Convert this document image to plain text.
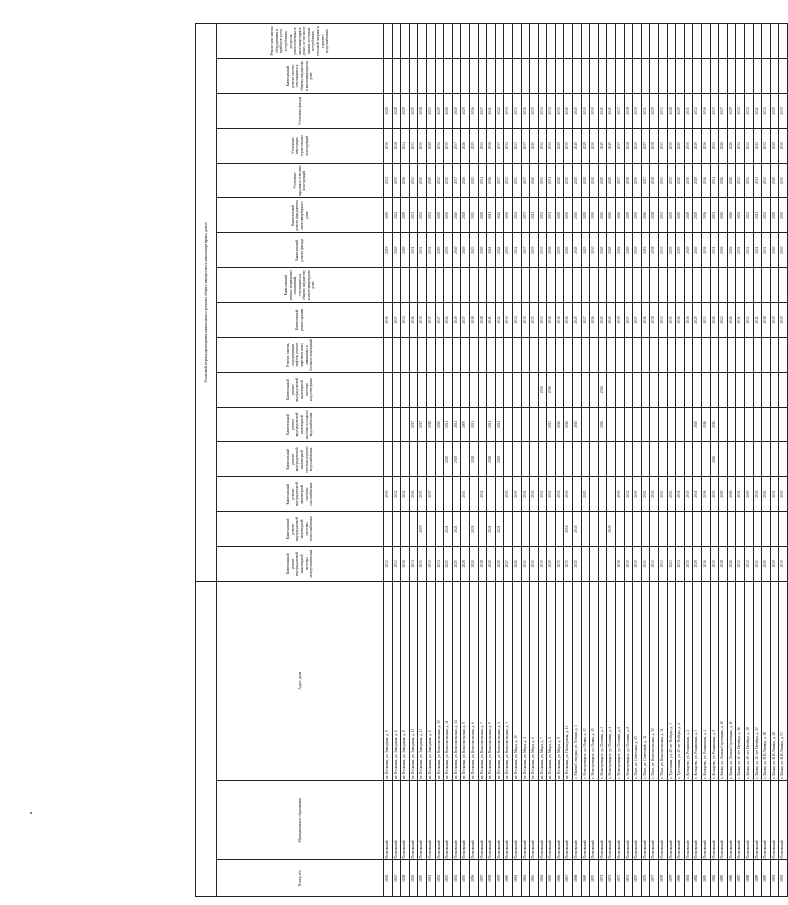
			Плановый период проведения капитального ремонта общего имущества в многоквартирных домах															
Номер п/п	Муниципальное образование	Адрес дома	Капитальный ремонт внутридомовой инженерной системы электроснабжения	Капитальный ремонт внутридомовой инженерной системы теплоснабжения	Капитальный ремонт внутридомовой инженерной системы газоснабжения	Капитальный ремонт внутридомовой инженерной системы горячего водоснабжения	Капитальный ремонт внутридомовой инженерной системы холодного водоснабжения	Капитальный ремонт внутридомовой инженерной системы водоотведения	Ремонт, замена, модернизация лифтов, ремонт лифтовых шахт, машинных и блочных помещений	Капитальный ремонт крыши	Капитальный ремонт подвальных помещений, относящихся к общему имуществу в многоквартирном доме	Капитальный ремонт фасада	Капитальный ремонт фундамента многоквартирного дома	Утепление наружных стеновых конструкций	Утепление ненесущих строительных конструкций	Утепление фасада	Капитальный ремонт систем, относящихся к общему имуществу в многоквартирном доме	Ремонт или замена оборудования и приборов учета потребления ресурсов, расположенных в многоквартирных домах, в том числе замена счетчиков потребления тепловой энергии и горячего водоснабжения
1846	Песковский	пг. Песковка, ул. Заводская, д. 5	2032		2030					2016		2019	2019	2034	2036	2026		
1847	Песковский	пг. Песковка, ул. Заводская, д. 6	2033		2032					2017		2020	2024	2035	2038	2028		
1848	Песковский	пг. Песковка, ул. Заводская, д. 8	2036		2034					2034		2029	2029	2036	2034	2029		
1849	Песковский	пг. Песковка, ул. Заводская, д. 11	2034		2036		2017			2016		2031	2031	2033	2033	2025		
1850	Песковский	пг. Песковка, ул. Заводская, д. 13	2035	2000	2035		2017			2030		2032	2032	2030	2030	2018		
1851	Песковский	пг. Песковка, ул. Заводская, д. 6	2032		2037		2018			2037		2032	2032	2029	2029	2023		
1852	Песковский	пг. Песковка, ул. Комсомольская, д. 10	2034				2020			2017		2029	2029	2032	2032	2029		
1853	Песковский	пг. Песковка, ул. Комсомольская, д. 11	2025	2021		2020	2021			2026		2030	2030	2030	2030	2026		
1854	Песковский	пг. Песковка, ул. Комсомольская, д. 14	2025	2021		2019	2021			2040		2040	2040	2037	2037	2040		
1855	Песковский	пг. Песковка, ул. Комсомольская, д. 5	2029		2033		2000			2017		2029	2029	2026	2026	2029		
1856	Песковский	пг. Песковка, ул. Комсомольская, д. 6	2020	2021		2018	2021			2018		2023	2023	2025	2025	2026		
1857	Песковский	пг. Песковка, ул. Комсомольская, д. 7	2028		2034					2028		2029	2029	2031	2031	2027		
1858	Песковский	пг. Песковка, ул. Комсомольская, д. 9	2020	2021		2018	2021			2041		2041	2041	2036	2036	2041		
1859	Песковский	пг. Песковка, ул. Комсомольская, д. 4	2020	2021		2019	2021			2042		2042	2042	2037	2037	2042		
1860	Песковский	пг. Песковка, ул. Комсомольская, д. 3	2027		2035					2030		2030	2030	2032	2032	2030		
1861	Песковский	пг. Песковка, ул. Мира, д. 10	2026		2035					2034		2034	2034	2033	2033	2033		
1862	Песковский	пг. Песковка, ул. Мира, д. 4	2031		2034					2030		2037	2037	2037	2037	2036		
1863	Песковский	пг. Песковка, ул. Мира, д. 6	2030		2030					2035		2035	2041	2040	2040	2035		
1864	Песковский	пг. Песковка, ул. Мира, д. 7	2030		2032			2036		2033		2033	2032	2032	2032	2034		
1865	Песковский	пг. Песковка, ул. Мира, д. 8	2020		2032		2023	2016		2036		2036	2031	2031	2031	2032		
1866	Песковский	пг. Песковка, ул. Мира, д. 9	2035		2032		2016			2036		2035	2029	2029	2029	2035		
1867	Песковский	пг. Песковка, ул. Пионерская, д. 13	2035	2016	2030		2016			2016		2040	2030	2030	2030	2040		
1868	Песковский	с. Малая Сотнурка, ул. Лесная, д. 1	2045	2045			2045			2045		2045	2045	2045	2045	2045		
1869	Песковский	с. Новотроицкое, ул. Новая, д. 13			2025					2017		2025	2029	2029	2029	2030		
1870	Песковский	с. Новотроицкое, ул. Новая, д. 15								2026		2030	2030	2030	2030	2030		
1871	Песковский	с. Новотроицкое, ул. Полевая, д. 3					2026	2026		2020		2045	2045	2045	2045	2045		
1872	Песковский	с. Новотроицкое, ул. Полевая, д. 4		2045						2045		2045	2045	2045	2045	2045		
1873	Песковский	с. Новотроицкое, ул. Полевая, д. 6	2036		2030					2019		2026	2026	2037	2037	2037		
1874	Песковский	с. Новотроицкое, ул. Полевая, д. 8	2030		2032					2017		2029	2029	2038	2038	2038		
1875	Песковский	с. Пасл, ул. Советская, д. 15	2030		2030					2017		2030	2030	2030	2030	2030		
1876	Песковский	с. Пасл, ул. Советский, д. 34	2021		2021					2016		2016	2016	2027	2027	2031		
1877	Песковский	с. Пасл, ул. Комсомольская, д. 10	2032		2030					2038		2038	2038	2038	2038	2029		
1878	Песковский	с. Пасл, ул. Комсомольская, д. 11	2033		2033					2033		2033	2033	2033	2033	2033		
1879	Песковский	с. Тростянка, ул. 40 лет Победы, д. 3	2023		2033					2035		2035	2035	2035	2035	2028		
1880	Песковский	с. Тростянка, ул. 40 лет Победы, д. 4	2034		2034					2016		2025	2025	2025	2025	2029		
1881	Песковский	с. Козырево, ул. Рощинская, д. 2	2035		2035					2036		2029	2029	2030	2030	2031		
1882	Песковский	с. Козырево, ул. Рощинская, д. 3	2029		2031		2020			2020		2040	2029	2029	2029	2032		
1883	Песковский	с. Козырево, ул. Рощинская, д. 4	2036		2036		2016			2033		2036	2036	2036	2036	2036		
1884	Песковский	с. Козырево, ул. Рощинская, д. 5	2030		2030	2016	2016			2016		2031	2031	2031	2031	2037		
1885	Песковский	с. Бачки, ул. Лесная Стрелецкая, д. 10	2028		2029					2024		2026	2026	2026	2026	2027		
1886	Песковский	с. Бачки, ул. Лесная Стрелецкая, д. 11	2026		2026					2026		2026	2026	2026	2026	2029		
1887	Песковский	с. Бачки, ул. 40 лет Октября, д. 16	2032		2034					2031		2032	2032	2032	2032	2032		
1888	Песковский	с. Бачки, ул. 40 лет Октября, д. 18	2032		2020					2032		2032	2032	2032	2032	2032		
1889	Песковский	с. Бачки, ул. 40 лет Октября, д. 20	2031		2030					2041		2041	2041	2041	2041	2041		
1890	Песковский	с. Бачки, ул. И.И.Ленина, д. 18	2020		2020					2018		2032	2032	2032	2032	2032		
1891	Песковский	с. Бачки, ул. И.И.Ленина, д. 48	2029		2031					2019		2029	2029	2029	2029	2029		
1892	Песковский	с. Бачки, ул. И.И.Ленина, д. 53	2030		2030					2019		2030	2030	2030	2030	2030		
